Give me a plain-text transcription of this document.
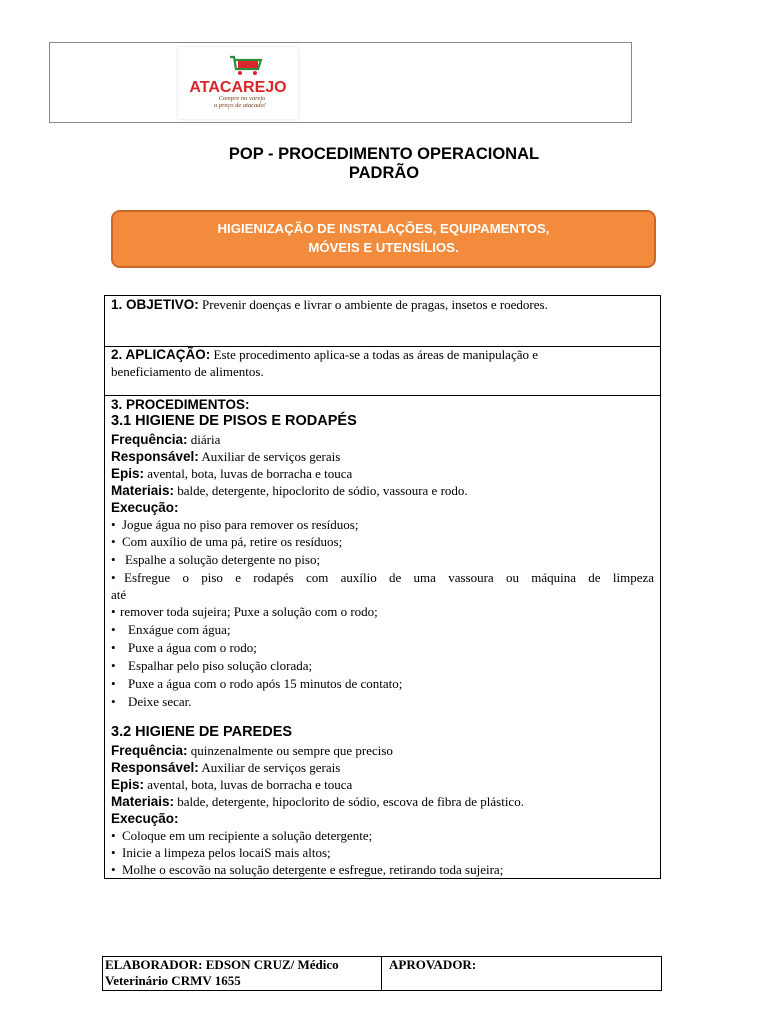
ATACAREJO
Compre no varejo
a preço de atacado!
POP - PROCEDIMENTO OPERACIONAL
PADRÃO
HIGIENIZAÇÃO DE INSTALAÇÕES, EQUIPAMENTOS,
MÓVEIS E UTENSÍLIOS.
1. OBJETIVO: Prevenir doenças e livrar o ambiente de pragas, insetos e roedores.
2. APLICAÇÃO: Este procedimento aplica-se a todas as áreas de manipulação e
beneficiamento de alimentos.
3. PROCEDIMENTOS:
3.1 HIGIENE DE PISOS E RODAPÉS
Frequência: diária
Responsável: Auxiliar de serviços gerais
Epis: avental, bota, luvas de borracha e touca
Materiais: balde, detergente, hipoclorito de sódio, vassoura e rodo.
Execução:
• Jogue água no piso para remover os resíduos;
• Com auxílio de uma pá, retire os resíduos;
• Espalhe a solução detergente no piso;
• Esfregue o piso e rodapés com auxílio de uma vassoura ou máquina de limpeza
até
• remover toda sujeira; Puxe a solução com o rodo;
• Enxágue com água;
• Puxe a água com o rodo;
• Espalhar pelo piso solução clorada;
• Puxe a água com o rodo após 15 minutos de contato;
• Deixe secar.
3.2 HIGIENE DE PAREDES
Frequência: quinzenalmente ou sempre que preciso
Responsável: Auxiliar de serviços gerais
Epis: avental, bota, luvas de borracha e touca
Materiais: balde, detergente, hipoclorito de sódio, escova de fibra de plástico.
Execução:
• Coloque em um recipiente a solução detergente;
• Inicie a limpeza pelos locaiS mais altos;
• Molhe o escovão na solução detergente e esfregue, retirando toda sujeira;
ELABORADOR: EDSON CRUZ/ Médico
Veterinário CRMV 1655
APROVADOR:
